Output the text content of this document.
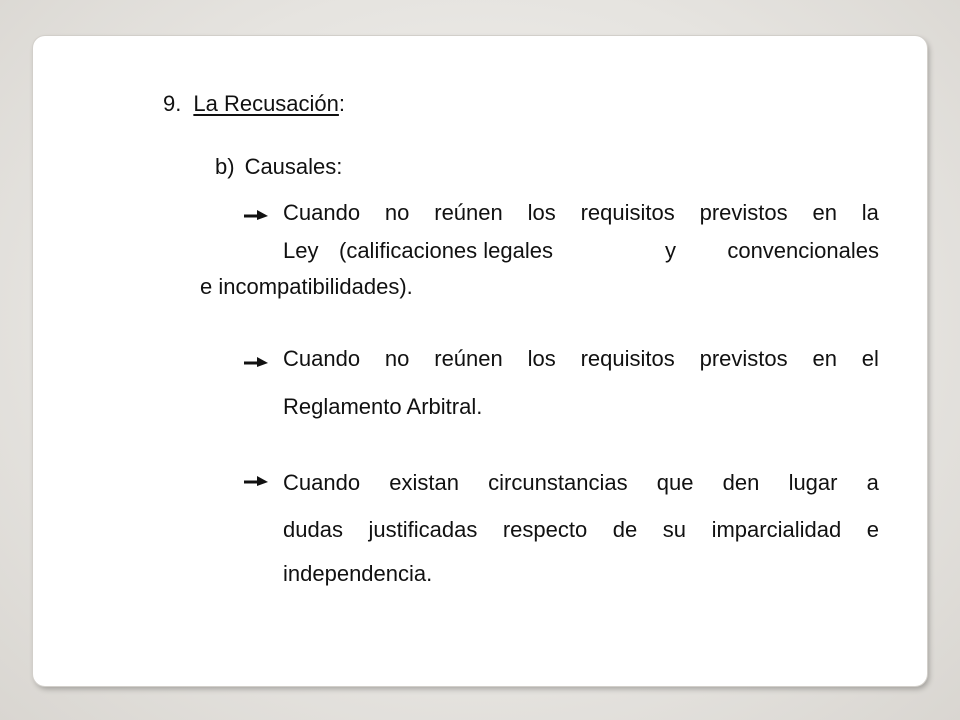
9. La Recusación:
b) Causales:
Cuando no reúnen los requisitos previstos en la
Ley (calificaciones legales	y convencionales
e incompatibilidades).
Cuando no reúnen los requisitos previstos en el
Reglamento Arbitral.
Cuando existan circunstancias que den lugar a
dudas justificadas respecto de su imparcialidad e
independencia.
